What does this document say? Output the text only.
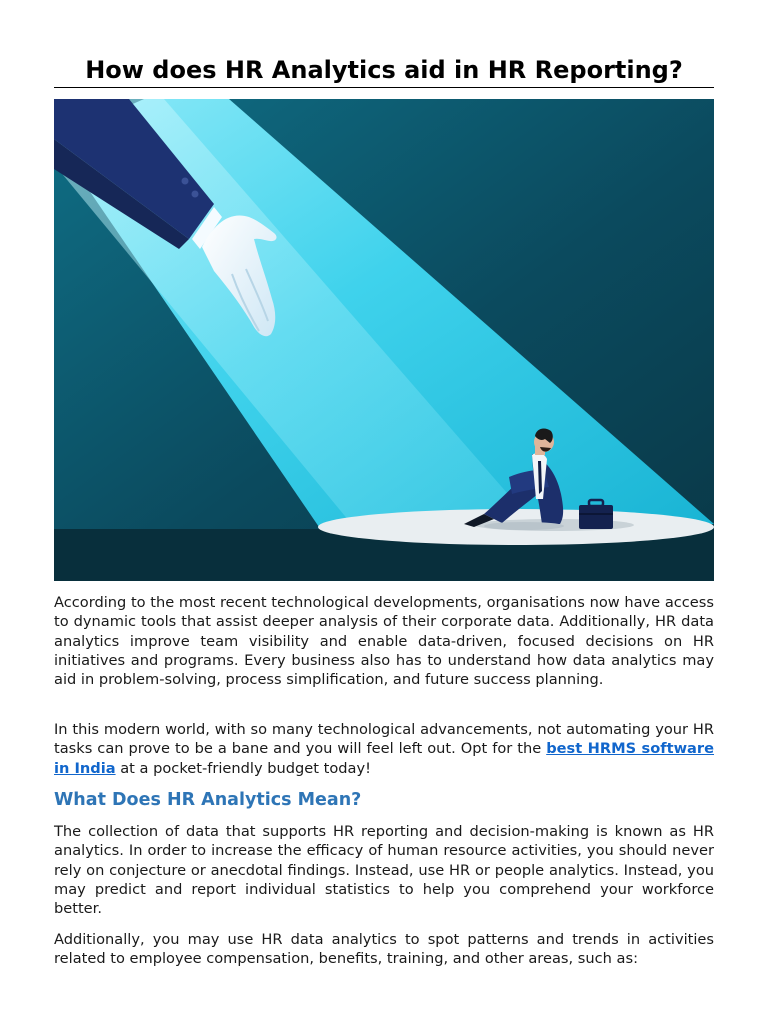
How does HR Analytics aid in HR Reporting?

According to the most recent technological developments, organisations now have access to dynamic tools that assist deeper analysis of their corporate data. Additionally, HR data analytics improve team visibility and enable data-driven, focused decisions on HR initiatives and programs. Every business also has to understand how data analytics may aid in problem-solving, process simplification, and future success planning.

In this modern world, with so many technological advancements, not automating your HR tasks can prove to be a bane and you will feel left out. Opt for the best HRMS software in India at a pocket-friendly budget today!

What Does HR Analytics Mean?

The collection of data that supports HR reporting and decision-making is known as HR analytics. In order to increase the efficacy of human resource activities, you should never rely on conjecture or anecdotal findings. Instead, use HR or people analytics. Instead, you may predict and report individual statistics to help you comprehend your workforce better.

Additionally, you may use HR data analytics to spot patterns and trends in activities related to employee compensation, benefits, training, and other areas, such as:
